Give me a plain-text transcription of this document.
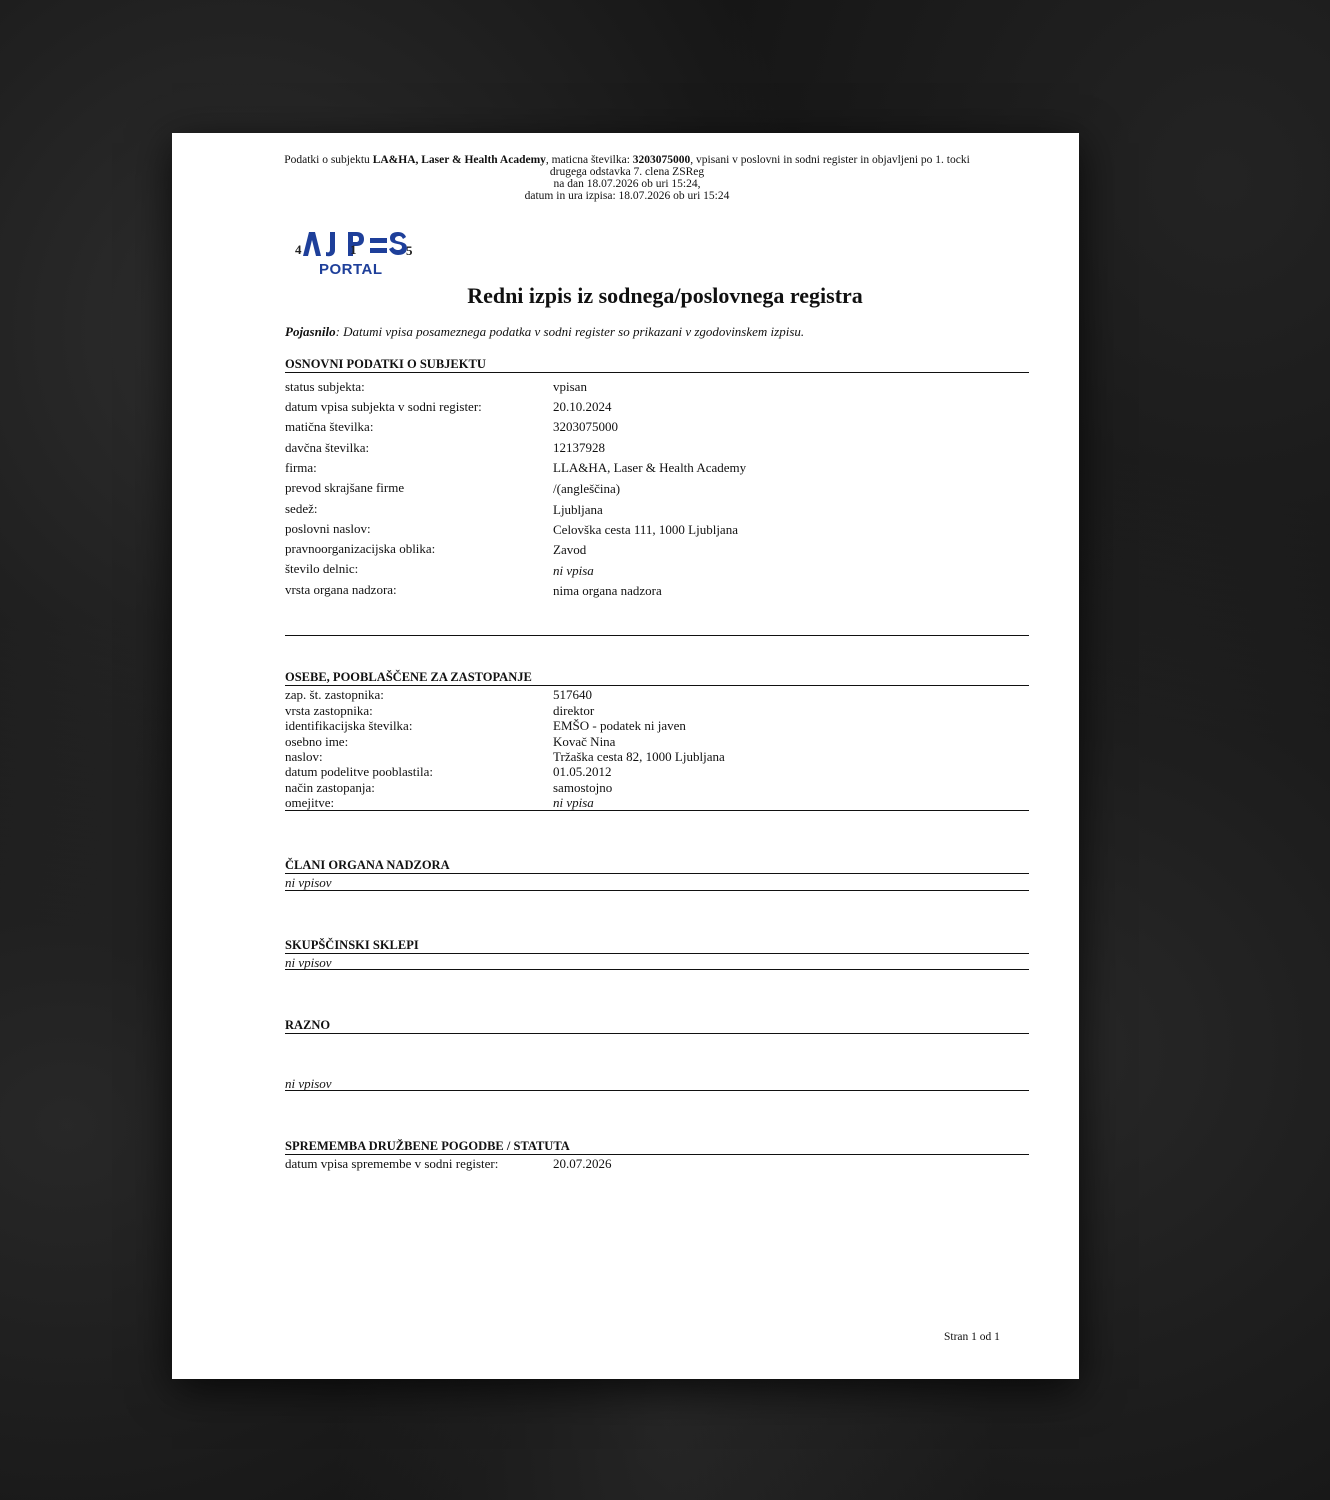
Podatki o subjektu LA&HA, Laser & Health Academy, maticna številka: 3203075000, vpisani v poslovni in sodni register in objavljeni po 1. tocki
drugega odstavka 7. clena ZSReg
na dan 18.07.2026 ob uri 15:24,
datum in ura izpisa: 18.07.2026 ob uri 15:24
4	1	5
PORTAL
Redni izpis iz sodnega/poslovnega registra
Pojasnilo: Datumi vpisa posameznega podatka v sodni register so prikazani v zgodovinskem izpisu.
OSNOVNI PODATKI O SUBJEKTU
status subjekta:	vpisan
datum vpisa subjekta v sodni register:	20.10.2024
matična številka:	3203075000
davčna številka:	12137928
firma:	LLA&HA, Laser & Health Academy
prevod skrajšane firme	/(angleščina)
sedež:	Ljubljana
poslovni naslov:	Celovška cesta 111, 1000 Ljubljana
pravnoorganizacijska oblika:	Zavod
število delnic:	ni vpisa
vrsta organa nadzora:	nima organa nadzora
OSEBE, POOBLAŠČENE ZA ZASTOPANJE
zap. št. zastopnika:	517640
vrsta zastopnika:	direktor
identifikacijska številka:	EMŠO - podatek ni javen
osebno ime:	Kovač Nina
naslov:	Tržaška cesta 82, 1000 Ljubljana
datum podelitve pooblastila:	01.05.2012
način zastopanja:	samostojno
omejitve:	ni vpisa
ČLANI ORGANA NADZORA
ni vpisov
SKUPŠČINSKI SKLEPI
ni vpisov
RAZNO
ni vpisov
SPREMEMBA DRUŽBENE POGODBE / STATUTA
datum vpisa spremembe v sodni register:	20.07.2026
Stran 1 od 1
